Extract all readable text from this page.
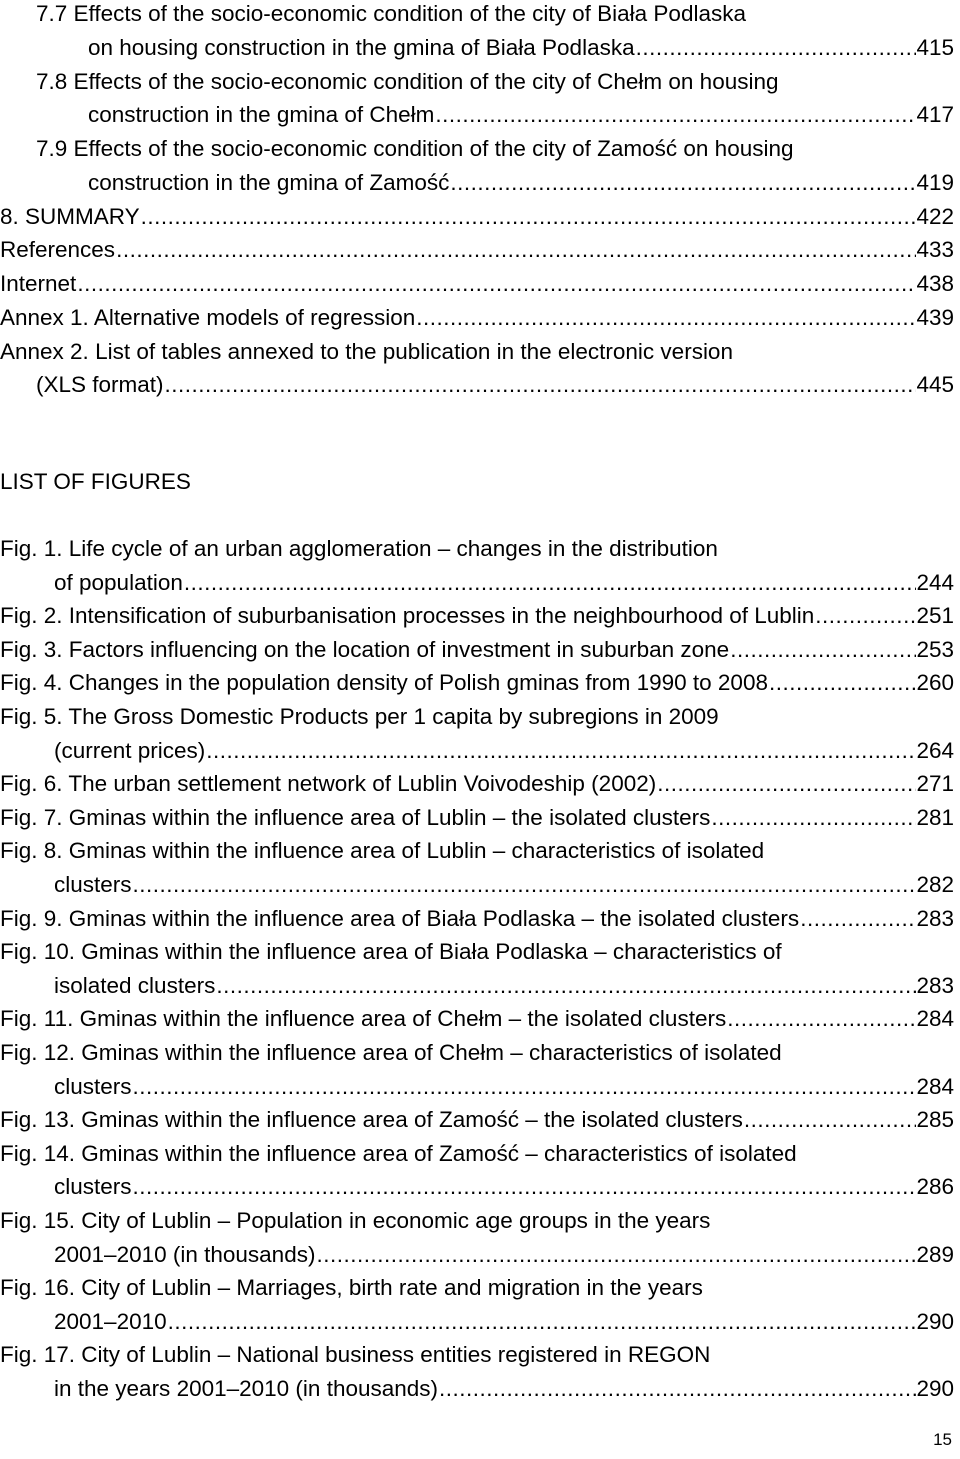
7.7 Effects of the socio-economic condition of the city of Biała Podlaska
on housing construction in the gmina of Biała Podlaska .....	415
7.8 Effects of the socio-economic condition of the city of Chełm on housing
construction in the gmina of Chełm .....	417
7.9 Effects of the socio-economic condition of the city of Zamość on housing
construction in the gmina of Zamość .....	419
8. SUMMARY .....	422
References .....	433
Internet .....	438
Annex 1. Alternative models of regression .....	439
Annex 2. List of tables annexed to the publication in the electronic version
(XLS format) .....	445
LIST OF FIGURES
Fig. 1. Life cycle of an urban agglomeration – changes in the distribution
of population .....	244
Fig. 2. Intensification of suburbanisation processes in the neighbourhood of Lublin .....	251
Fig. 3. Factors influencing on the location of investment in suburban zone .....	253
Fig. 4. Changes in the population density of Polish gminas from 1990 to 2008 .....	260
Fig. 5. The Gross Domestic Products per 1 capita by subregions in 2009
(current prices) .....	264
Fig. 6. The urban settlement network of Lublin Voivodeship (2002) .....	271
Fig. 7. Gminas within the influence area of Lublin – the isolated clusters .....	281
Fig. 8. Gminas within the influence area of Lublin – characteristics of isolated
clusters .....	282
Fig. 9. Gminas within the influence area of Biała Podlaska – the isolated clusters .....	283
Fig. 10. Gminas within the influence area of Biała Podlaska – characteristics of
isolated clusters .....	283
Fig. 11. Gminas within the influence area of Chełm – the isolated clusters .....	284
Fig. 12. Gminas within the influence area of Chełm – characteristics of isolated
clusters .....	284
Fig. 13. Gminas within the influence area of Zamość – the isolated clusters .....	285
Fig. 14. Gminas within the influence area of Zamość – characteristics of isolated
clusters .....	286
Fig. 15. City of Lublin – Population in economic age groups in the years
2001–2010 (in thousands) .....	289
Fig. 16. City of Lublin – Marriages, birth rate and migration in the years
2001–2010 .....	290
Fig. 17. City of Lublin – National business entities registered in REGON
in the years 2001–2010 (in thousands) .....	290
15
